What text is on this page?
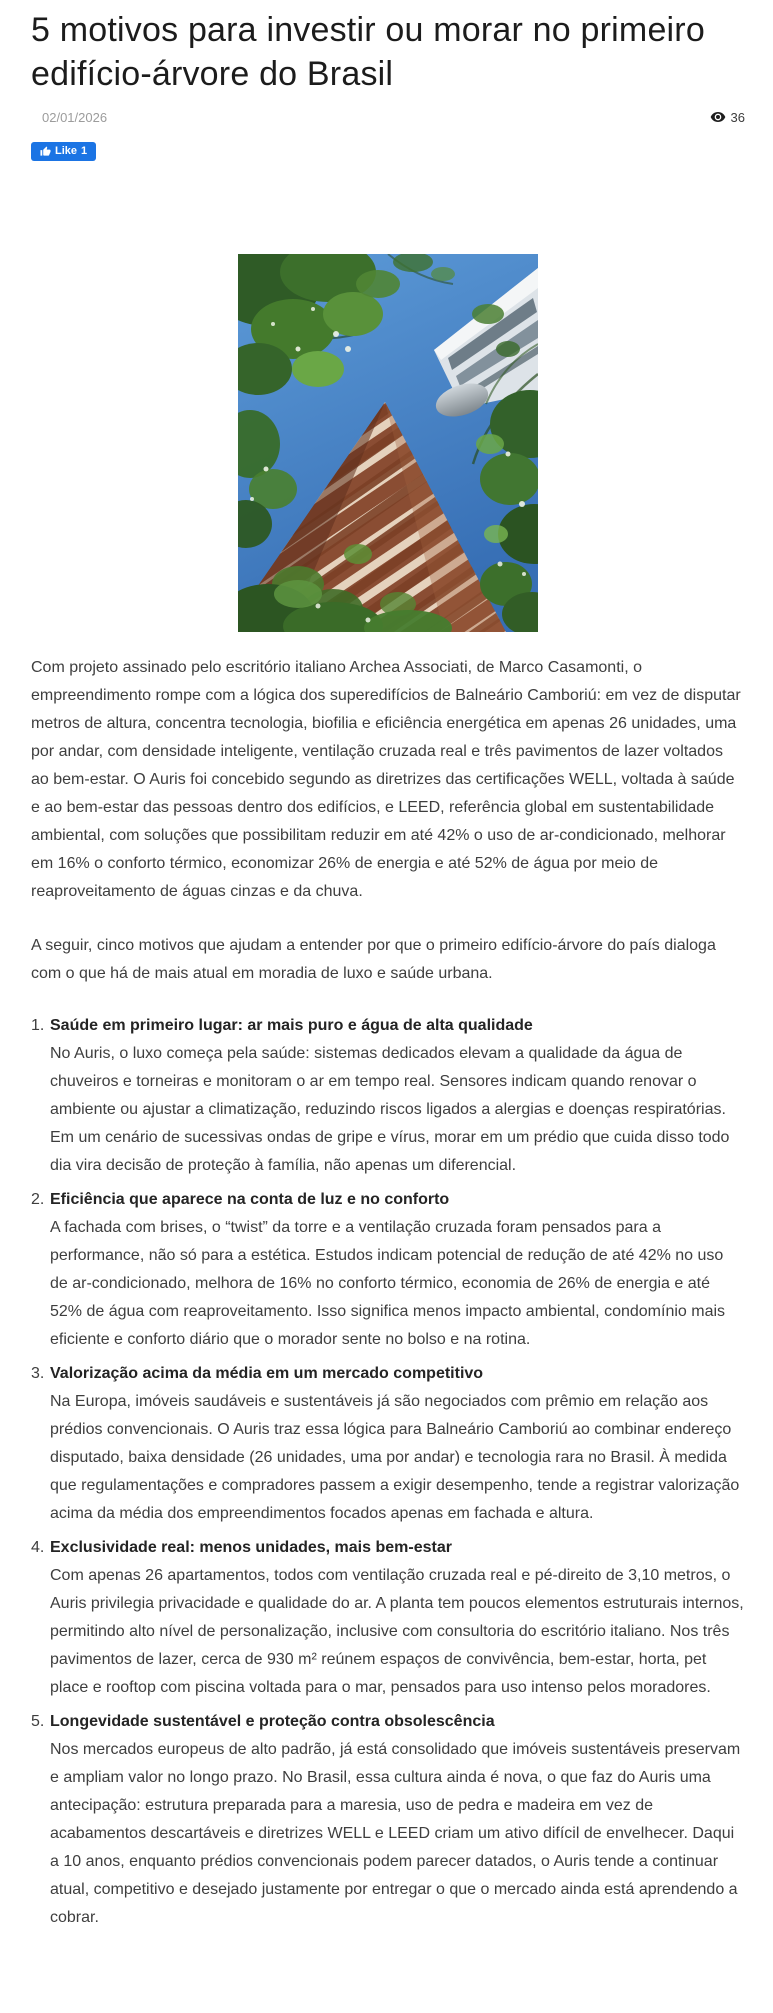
5 motivos para investir ou morar no primeiro edifício-árvore do Brasil
02/01/2026	36
Like 1

Com projeto assinado pelo escritório italiano Archea Associati, de Marco Casamonti, o empreendimento rompe com a lógica dos superedifícios de Balneário Camboriú: em vez de disputar metros de altura, concentra tecnologia, biofilia e eficiência energética em apenas 26 unidades, uma por andar, com densidade inteligente, ventilação cruzada real e três pavimentos de lazer voltados ao bem-estar. O Auris foi concebido segundo as diretrizes das certificações WELL, voltada à saúde e ao bem-estar das pessoas dentro dos edifícios, e LEED, referência global em sustentabilidade ambiental, com soluções que possibilitam reduzir em até 42% o uso de ar-condicionado, melhorar em 16% o conforto térmico, economizar 26% de energia e até 52% de água por meio de reaproveitamento de águas cinzas e da chuva.

A seguir, cinco motivos que ajudam a entender por que o primeiro edifício-árvore do país dialoga com o que há de mais atual em moradia de luxo e saúde urbana.

1. Saúde em primeiro lugar: ar mais puro e água de alta qualidade
No Auris, o luxo começa pela saúde: sistemas dedicados elevam a qualidade da água de chuveiros e torneiras e monitoram o ar em tempo real. Sensores indicam quando renovar o ambiente ou ajustar a climatização, reduzindo riscos ligados a alergias e doenças respiratórias. Em um cenário de sucessivas ondas de gripe e vírus, morar em um prédio que cuida disso todo dia vira decisão de proteção à família, não apenas um diferencial.
2. Eficiência que aparece na conta de luz e no conforto
A fachada com brises, o “twist” da torre e a ventilação cruzada foram pensados para a performance, não só para a estética. Estudos indicam potencial de redução de até 42% no uso de ar-condicionado, melhora de 16% no conforto térmico, economia de 26% de energia e até 52% de água com reaproveitamento. Isso significa menos impacto ambiental, condomínio mais eficiente e conforto diário que o morador sente no bolso e na rotina.
3. Valorização acima da média em um mercado competitivo
Na Europa, imóveis saudáveis e sustentáveis já são negociados com prêmio em relação aos prédios convencionais. O Auris traz essa lógica para Balneário Camboriú ao combinar endereço disputado, baixa densidade (26 unidades, uma por andar) e tecnologia rara no Brasil. À medida que regulamentações e compradores passem a exigir desempenho, tende a registrar valorização acima da média dos empreendimentos focados apenas em fachada e altura.
4. Exclusividade real: menos unidades, mais bem-estar
Com apenas 26 apartamentos, todos com ventilação cruzada real e pé-direito de 3,10 metros, o Auris privilegia privacidade e qualidade do ar. A planta tem poucos elementos estruturais internos, permitindo alto nível de personalização, inclusive com consultoria do escritório italiano. Nos três pavimentos de lazer, cerca de 930 m² reúnem espaços de convivência, bem-estar, horta, pet place e rooftop com piscina voltada para o mar, pensados para uso intenso pelos moradores.
5. Longevidade sustentável e proteção contra obsolescência
Nos mercados europeus de alto padrão, já está consolidado que imóveis sustentáveis preservam e ampliam valor no longo prazo. No Brasil, essa cultura ainda é nova, o que faz do Auris uma antecipação: estrutura preparada para a maresia, uso de pedra e madeira em vez de acabamentos descartáveis e diretrizes WELL e LEED criam um ativo difícil de envelhecer. Daqui a 10 anos, enquanto prédios convencionais podem parecer datados, o Auris tende a continuar atual, competitivo e desejado justamente por entregar o que o mercado ainda está aprendendo a cobrar.
